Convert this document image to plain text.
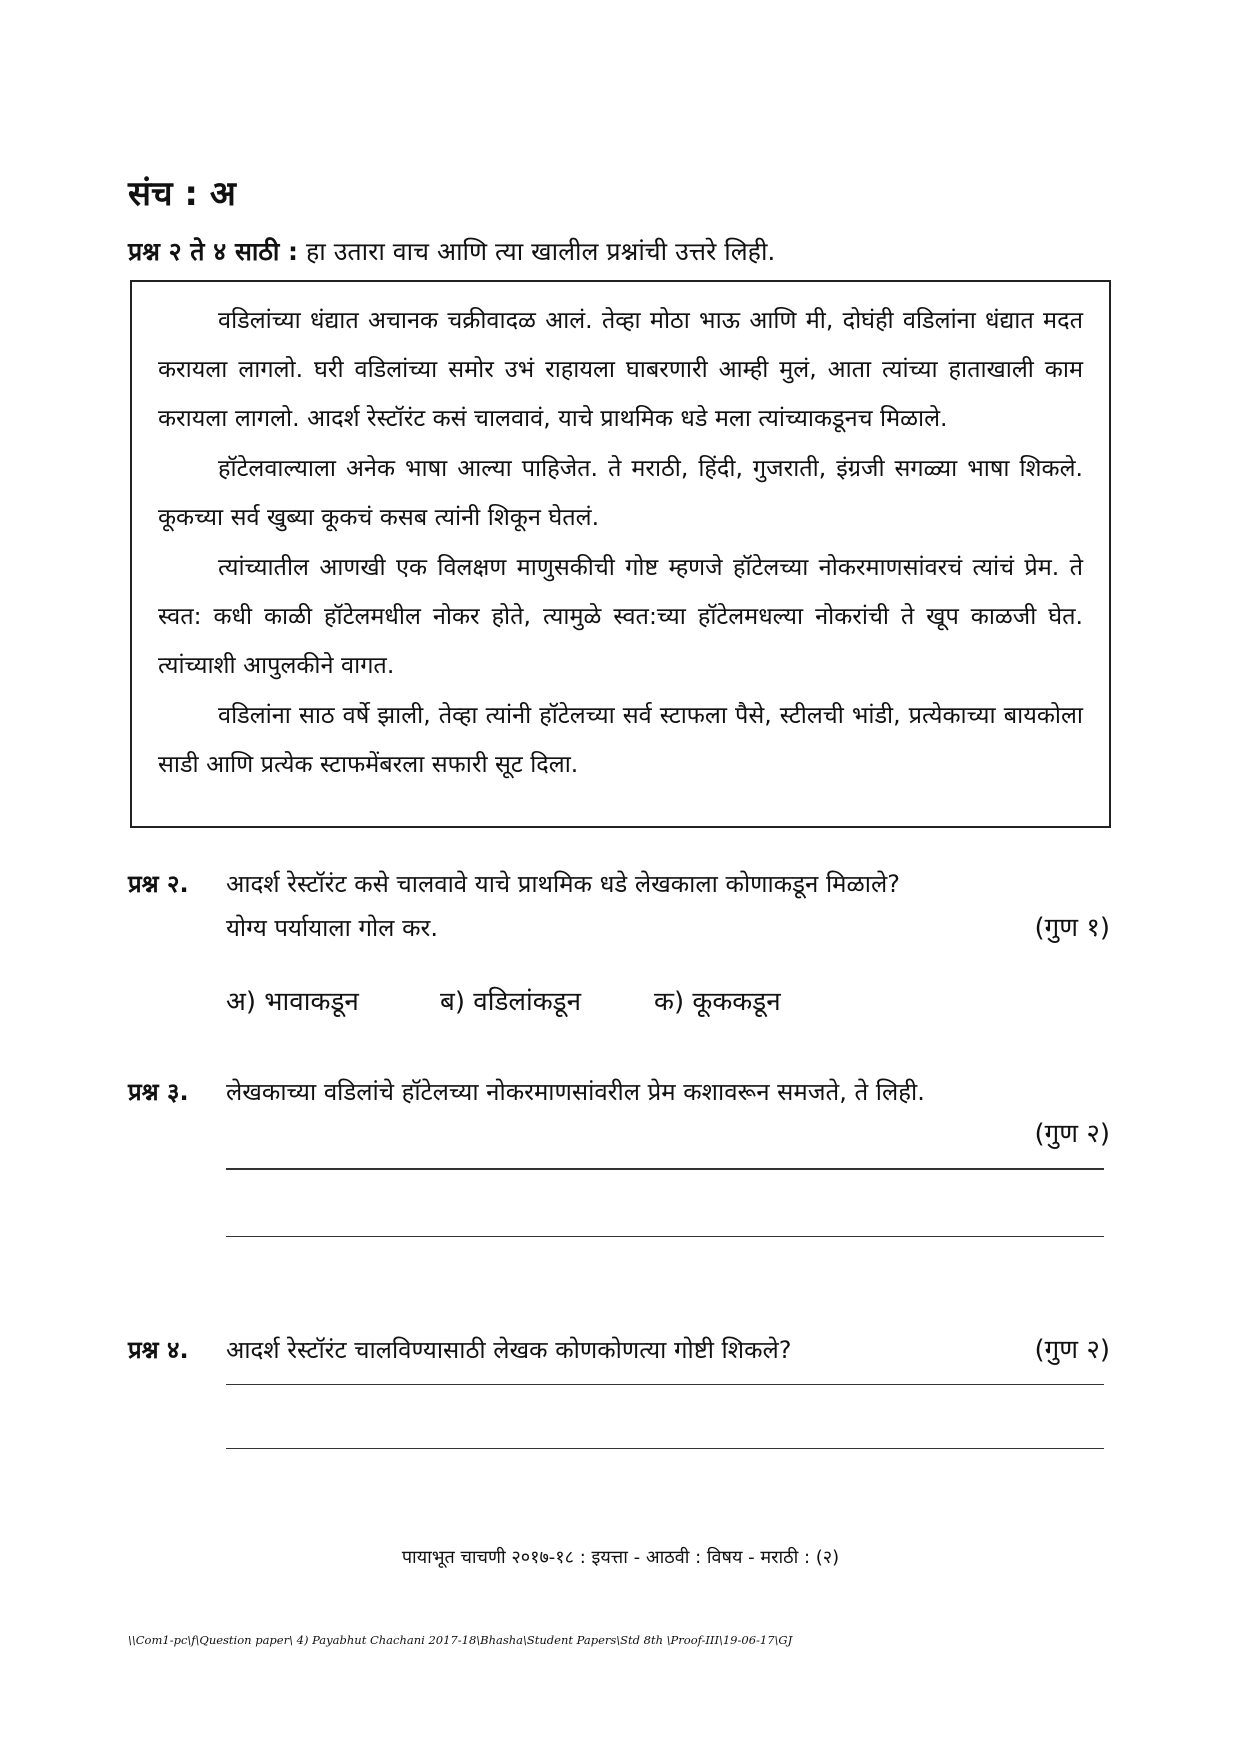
संच : अ
प्रश्न २ ते ४ साठी : हा उतारा वाच आणि त्या खालील प्रश्नांची उत्तरे लिही.

वडिलांच्या धंद्यात अचानक चक्रीवादळ आलं. तेव्हा मोठा भाऊ आणि मी, दोघंही वडिलांना धंद्यात मदत करायला लागलो. घरी वडिलांच्या समोर उभं राहायला घाबरणारी आम्ही मुलं, आता त्यांच्या हाताखाली काम करायला लागलो. आदर्श रेस्टॉरंट कसं चालवावं, याचे प्राथमिक धडे मला त्यांच्याकडूनच मिळाले.

हॉटेलवाल्याला अनेक भाषा आल्या पाहिजेत. ते मराठी, हिंदी, गुजराती, इंग्रजी सगळ्या भाषा शिकले. कूकच्या सर्व खुब्या कूकचं कसब त्यांनी शिकून घेतलं.

त्यांच्यातील आणखी एक विलक्षण माणुसकीची गोष्ट म्हणजे हॉटेलच्या नोकरमाणसांवरचं त्यांचं प्रेम. ते स्वत: कधी काळी हॉटेलमधील नोकर होते, त्यामुळे स्वत:च्या हॉटेलमधल्या नोकरांची ते खूप काळजी घेत. त्यांच्याशी आपुलकीने वागत.

वडिलांना साठ वर्षे झाली, तेव्हा त्यांनी हॉटेलच्या सर्व स्टाफला पैसे, स्टीलची भांडी, प्रत्येकाच्या बायकोला साडी आणि प्रत्येक स्टाफमेंबरला सफारी सूट दिला.

प्रश्न २. आदर्श रेस्टॉरंट कसे चालवावे याचे प्राथमिक धडे लेखकाला कोणाकडून मिळाले?
योग्य पर्यायाला गोल कर.	(गुण १)
अ) भावाकडून	ब) वडिलांकडून	क) कूककडून
प्रश्न ३. लेखकाच्या वडिलांचे हॉटेलच्या नोकरमाणसांवरील प्रेम कशावरून समजते, ते लिही.
(गुण २)
प्रश्न ४. आदर्श रेस्टॉरंट चालविण्यासाठी लेखक कोणकोणत्या गोष्टी शिकले?	(गुण २)
पायाभूत चाचणी २०१७-१८ : इयत्ता - आठवी : विषय - मराठी : (२)
\\Com1-pc\f\Question paper\ 4) Payabhut Chachani 2017-18\Bhasha\Student Papers\Std 8th \Proof-III\19-06-17\GJ
